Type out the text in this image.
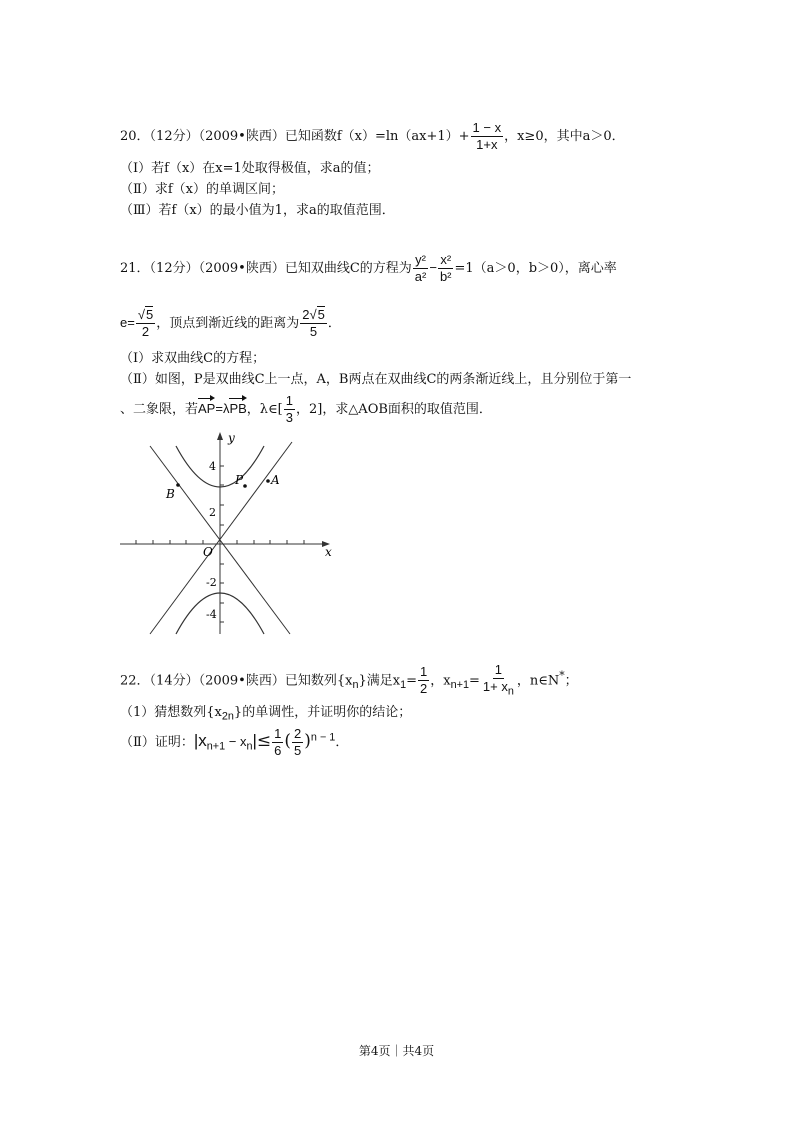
20．（12分）（2009•陕西）已知函数$f(x)=\ln(ax+1)+ \frac{1 - x}{1+x}$ ，x≥0，其中a＞0．
（Ⅰ）若f（x）在x=1处取得极值，求a的值；
（Ⅱ）求f（x）的单调区间；
（Ⅲ）若f（x）的最小值为1，求a的取值范围．
21．（12分）（2009•陕西）已知双曲线C的方程为 $\frac{\text{y²}}{\text{a²}} - \frac{\text{x²}}{\text{b²}} =1(a>0$，b＞0），离心率
$e= \frac{√5}{2}$ ，顶点到渐近线的距离为 $\frac{2√5}{5}$ ．
（Ⅰ）求双曲线C的方程；
（Ⅱ）如图，P是双曲线C上一点，A，B两点在双曲线C的两条渐近线上，且分别位于第一
、二象限，若AP=λPB，λ∈[ $\frac{1}{3}$ ，2]，求△AOB面积的取值范围．
B
P A
y
x
O
4
2
-2
-4
22．（14分）（2009•陕西）已知数列$\{x_n\}$满足$x_1= \frac{1}{2}$ ，$x_{n+1}= \frac{1}{1+ x_n}$ ，n∈N*；
（1）猜想数列$\{x_{2n}\}$的单调性，并证明你的结论；
（Ⅱ）证明：$|x_{n+1} - x_n|\le \frac{1}{6}$ ( $\frac{2}{5} )^{n - 1}$．
第4页｜共4页
